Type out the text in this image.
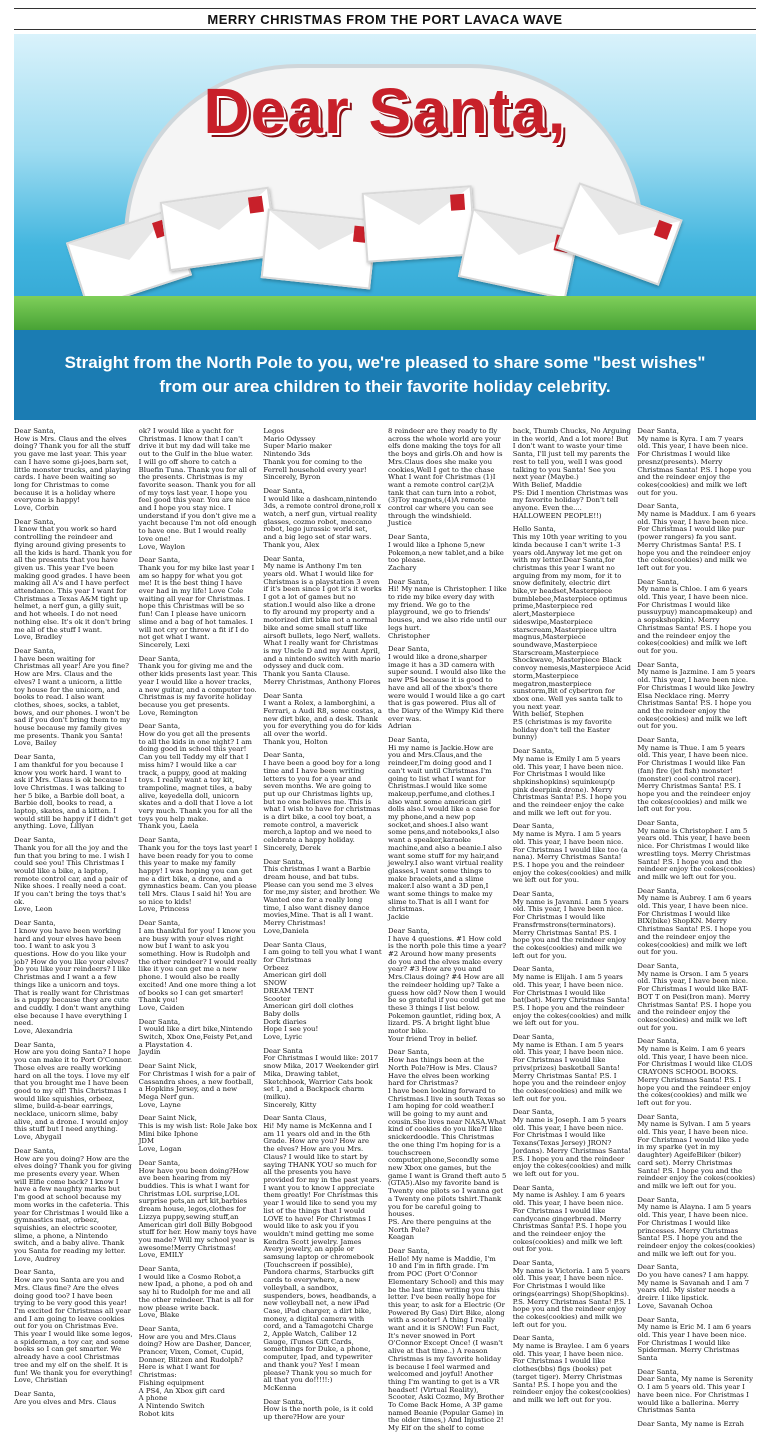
MERRY CHRISTMAS FROM THE PORT LAVACA WAVE
Dear Santa,
Straight from the North Pole to you, we're pleased to share some "best wishes" from our area children to their favorite holiday celebrity.

Dear Santa,
How is Mrs. Claus and the elves doing? Thank you for all the stuff you gave me last year. This year can I have some gi-joes,barn set, little monster trucks, and playing cards. I have been waiting so long for Christmas to come because it is a holiday where everyone is happy!
Love, Corbin

Dear Santa,
I know that you work so hard controlling the reindeer and flying around giving presents to all the kids is hard. Thank you for all the presents that you have given us. This year I've been making good grades. I have been making all A's and I have perfect attendance. This year I want for Christmas a Texas A&M tight up helmet, a nerf gun, a gilly suit, and hot wheels. I do not need nothing else. It's ok it don't bring me all of the stuff I want.
Love, Bradley

Dear Santa,
I have been waiting for Christmas all year! Are you fine? How are Mrs. Claus and the elves? I want a unicorn, a little toy house for the unicorn, and books to read. I also want clothes, shoes, socks, a tablet, bows, and our phones. I won't be sad if you don't bring them to my house because my family gives me presents. Thank you Santa! Love, Bailey

Dear Santa,
I am thankful for you because I know you work hard. I want to ask if Mrs. Claus is ok because I love Christmas. I was talking to her 5 bike, a Barbie doll boat, a Barbie doll, books to read, a laptop, skates, and a kitten. I would still be happy if I didn't get anything. Love, Lillyan

Dear Santa,
Thank you for all the joy and the fun that you bring to me. I wish I could see you! This Christmas I would like a bike, a laptop, remote control car, and a pair of Nike shoes. I really need a coat. If you can't bring the toys that's ok.
Love, Leon

Dear Santa,
I know you have been working hard and your elves have been too. I want to ask you 3 questions. How do you like your job? How do you like your elves? Do you like your reindeers? I like Christmas and I want a a few things like a unicorn and toys. That is really want for Christmas is a puppy because they are cute and cuddly. I don't want anything else because I have everything I need.
Love, Alexandria

Dear Santa,
How are you doing Santa? I hope you can make it to Port O'Connor. Those elves are really working hard on all the toys. I love my elf that you brought me I have been good to my elf! This Christmas I would like squishies, orbeez, slime, build-a-bear earrings, necklace, unicorn slime, baby alive, and a drone. I would enjoy this stuff but I need anything.
Love, Abygail

Dear Santa,
How are you doing? How are the elves doing? Thank you for giving me presents every year. When will Elfie come back? I know I have a few naughty marks but I'm good at school because my mom works in the cafeteria. This year for Christmas I would like a gymnastics mat, orbeez, squishies, an electric scooter, slime, a phone, a Nintendo switch, and a baby alive. Thank you Santa for reading my letter.
Love, Audrey

Dear Santa,
How are you Santa are you and Mrs. Claus fine? Are the elves doing good too? I have been trying to be very good this year! I'm excited for Christmas all year and I am going to leave cookies out for you on Christmas Eve. This year I would like some legos, a spiderman, a toy car, and some books so I can get smarter. We already have a cool Christmas tree and my elf on the shelf. It is fun! We thank you for everything!
Love, Christian

Dear Santa,
Are you elves and Mrs. Claus

ok? I would like a yacht for Christmas. I know that I can't drive it but my dad will take me out to the Gulf in the blue water. I will go off shore to catch a Bluefin Tuna. Thank you for all of the presents. Christmas is my favorite season. Thank you for all of my toys last year. I hope you feel good this year. You are nice and I hope you stay nice. I understand if you don't give me a yacht because I'm not old enough to have one. But I would really love one!
Love, Waylon

Dear Santa,
Thank you for my bike last year I am so happy for what you got me! It is the best thing I have ever had in my life! Love Cole waiting all year for Christmas. I hope this Christmas will be so fun! Can I please have unicorn slime and a bag of hot tamales. I will not cry or throw a fit if I do not get what I want.
Sincerely, Lexi

Dear Santa,
Thank you for giving me and the other kids presents last year. This year I would like a hover tracks, a new guitar, and a computer too. Christmas is my favorite holiday because you get presents.
Love, Remington

Dear Santa,
How do you get all the presents to all the kids in one night? I am doing good in school this year! Can you tell Teddy my elf that I miss him? I would like a car track, a puppy, good at making toys. I really want a toy kit, trampoline, magnet tiles, a baby alive, keyedella doll, unicorn skates and a doll that I love a lot very much. Thank you for all the toys you help make.
Thank you, Laela

Dear Santa,
Thank you for the toys last year! I have been ready for you to come this year to make my family happy! I was hoping you can get me a dirt bike, a drone, and a gymnastics beam. Can you please tell Mrs. Claus I said hi! You are so nice to kids!
Love, Princess

Dear Santa,
I am thankful for you! I know you are busy with your elves right now but I want to ask you something. How is Rudolph and the other reindeer? I would really like it you can get me a new phone. I would also be really excited! And one more thing a lot of books so I can get smarter! Thank you!
Love, Caiden

Dear Santa,
I would like a dirt bike,Nintendo Switch, Xbox One,Feisty Pet,and a Playstation 4.
Jaydin

Dear Saint Nick,
For Christmas I wish for a pair of Cassandra shoes, a new football, a Hopkins Jersey, and a new Mega Nerf gun.
Love, Layne

Dear Saint Nick,
This is my wish list: Role Jake box
Mini bike Iphone
JDM
Love, Logan

Dear Santa,
How have you been doing?How ave been hearing from my buddies. This is what I want for Christmas LOL surprise,LOL surprise pets,an art kit,barbies dream house, legos,clothes for Lizzya puppy,sewing stuff,an American girl doll Billy Bobgood stuff for her. How many toys have you made? Will my school year is awesome!Merry Christmas!
Love, EMILY

Dear Santa,
I would like a Cosmo Robot,a new Ipad, a phone, a pod oh and say hi to Rudolph for me and all the other reindeer. That is all for now please write back.
Love, Blake

Dear Santa,
How are you and Mrs.Claus doing? How are Dasher, Dancer, Prancer, Vixen, Comet, Cupid, Donner, Blitzen and Rudolph? Here is what I want for Christmas:
Fishing equipment
A PS4, An Xbox gift card
A phone
A Nintendo Switch
Robot kits

Legos
Mario Odyssey
Super Mario maker
Nintendo 3ds
Thank you for coming to the Ferrell household every year!
Sincerely, Byron

Dear Santa,
I would like a dashcam,nintendo 3ds, a remote control drone,roll x watch, a nerf gun, virtual reality glasses, cozmo robot, meccano robot, lego jurassic world set, and a big lego set of star wars.
Thank you, Alex

Dear Santa,
My name is Anthony I'm ten years old. What I would like for Christmas is a playstation 3 even if it's been since I got it's it works I got a lot of games but no station.I would also like a drone to fly around my property and a motorized dirt bike not a normal bike and some small stuff like airsoft bullets, lego Nerf, wallets. What I really want for Christmas is my Uncle D and my Aunt April, and a nintendo switch with mario odyssey and duck com.
Thank you Santa Clause.
Merry Christmas, Anthony Flores

Dear Santa
I want a Rolex, a lamborghini, a Ferrari, a Audi R8, some costas, a new dirt bike, and a desk. Thank you for everything you do for kids all over the world.
Thank you, Holton

Dear Santa,
I have been a good boy for a long time and I have been writing letters to you for a year and seven months. We are going to put up our Christmas lights up, but no one believes me. This is what I wish to have for christmas is a dirt bike, a cool toy boat, a remote control, a maverick merch,a laptop and we need to celebrate a happy holiday.
Sincerely, Derek

Dear Santa,
This christmas I want a Barbie dream house, and bat tubs. Please can you send me 3 elves for me,my sister, and brother. We Wanted one for a really long time, I also want disney dance movies,Mine. That is all I want. Merry Christmas!
Love,Daniela

Dear Santa Claus,
I am going to tell you what I want for Christmas
Orbeez
American girl doll
SNOW
DREAM TENT
Scooter
American girl doll clothes
Baby dolls
Dork diaries
Hope I see you!
Love, Lyric

Dear Santa
For Christmas I would like: 2017 snow Mika, 2017 Weekender girl Mika, Drawing tablet, Sketchbook, Warrior Cats book set 1, and a Backpack charm (milku).
Sincerely, Kitty

Dear Santa Claus,
Hi! My name is McKenna and I am 11 years old and in the 6th Grade. How are you? How are the elves? How are you Mrs. Claus? I would like to start by saying THANK YOU so much for all the presents you have provided for my in the past years. I want you to know I appreciate them greatly! For Christmas this year I would like to send you my list of the things that I would LOVE to have! For Christmas I would like to ask you if you wouldn't mind getting me some Kendra Scott jewelry. James Avery jewelry, an apple or samsung laptop or chromebook (Touchscreen if possible), Pandora charms, Starbucks gift cards to everywhere, a new volleyball, a sandbox, suspenders, bows, headbands, a new volleyball net, a new iPad Case, iPad charger, a dirt bike, money, a digital camera with cord, and a Tamagotchi Charge 2, Apple Watch, Caliber 12 Gauge, iTunes Gift Cards, somethings for Duke, a phone, computer, Ipad, and typewriter and thank you? Yes! I mean please? Thank you so much for all that you do!!!!!:)
McKenna

Dear Santa,
How is the north pole, is it cold up there?How are your

8 reindeer are they ready to fly across the whole world are your elfs done making the toys for all the boys and girls.Oh and how is Mrs.Claus does she make you cookies,Well I get to the chase What I want for Christmas (1)I want a remote control car(2)A tank that can turn into a robot,(3)Toy magnets,(4)A remote control car where you can see through the windshield.
Justice

Dear Santa,
I would like a Iphone 5,new Pokemon,a new tablet,and a bike too please.
Zachary

Dear Santa,
Hi! My name is Christopher. I like to ride my bike every day with my friend. We go to the playground, we go to friends' houses, and we also ride until our legs hurt.
Christopher

Dear Santa,
I would like a drone,sharper image it has a 3D camera with super sound. I would also like the new PS4 because it is good to have and all of the xbox's there were would I would like a go cart that is gas powered. Plus all of the Diary of the Wimpy Kid there ever was.
Adrian

Dear Santa,
Hi my name is Jackie.How are you and Mrs.Claus,and the reindeer,I'm doing good and I can't wait until Christmas.I'm going to list what I want for Christmas.I would like some makeup,perfume,and clothes.I also want some american girl dolls also.I would like a case for my phone,and a new pop socket,and shoes.I also want some pens,and notebooks,I also want a speaker,karaoke machine,and also a beanie.I also want some stuff for my hair,and jewelry.I also want virtual reality glasses,I want some things to make bracelets,and a slime maker.I also want a 3D pen,I want some things to make my slime to.That is all I want for christmas.
Jackie

Dear Santa,
I have 4 questions. #1 How cold is the north pole this time a year? #2 Around how many presents do you and the elves make every year? #3 How are you and Mrs.Claus doing? #4 How are all the reindeer holding up? Take a guess how old? Now then I would be so grateful if you could get me these 3 things I list below. Pokemon gauntlet, riding box, A lizard. PS. A bright light blue motor bike.
Your friend Troy in belief.

Dear Santa,
How has things been at the North Pole?How is Mrs. Claus?Have the elves been working hard for Christmas?
I have been looking forward to Christmas.I live in south Texas so I am hoping for cold weather.I will be going to my aunt and cousin.She lives near NASA.What kind of cookies do you like?I like snickerdoodle. This Christmas the one thing I'm hoping for is a touchscreen computer,phone,Secondly some new Xbox one games, but the game I want is Grand theft auto 5 (GTA5).Also my favorite band is Twenty one pilots so I wanna get a Twenty one pilots tshirt.Thank you for be careful going to houses.
PS. Are there penguins at the North Pole?
Keagan

Dear Santa,
Hello! My name is Maddie, I'm 10 and I'm in fifth grade. I'm from POC (Port O'Connor Elementary School) and this may be the last time writing you this letter. I've been really hope for this year, to ask for a Electric (Or Powered By Gas) Dirt Bike, along with a scooter! A thing I really want and it is SNOW! Fun Fact, It's never snowed in Port O'Connor Except Once! (I wasn't alive at that time..) A reason Christmas is my favorite holiday is because I feel warmed and welcomed and joyful! Another thing I'm wanting to get is a VR headset! (Virtual Reality), Scooter, Aski Cozmo, My Brother To Come Back Home, A 3P game named Beanie (Popular Game) in the older times,) And Injustice 2! My Elf on the shelf to come

back, Thumb Chucks, No Arguing in the world, And a lot more! But I don't want to waste your time Santa, I'll just tell my parents the rest to tell you, well I was good talking to you Santa! See you next year (Maybe.)
With Belief, Maddie
PS: Did I mention Christmas was my favorite holiday? Don't tell anyone. Even the.... HALLOWEEN PEOPLE!!)

Hello Santa,
This my 10th year writing to you kinda because I can't write 1-3 years old.Anyway let me get on with my letter.Dear Santa,for christmas this year I want no arguing from my mom, for it to snow definitely, electric dirt bike,vr headset,Masterpiece bumblebee,Masterpiece optimus prime,Masterpiece red alert,Masterpiece sideswipe,Masterpiece starscream,Masterpiece ultra magnus,Masterpiece soundwave,Masterpiece Starscream,Masterpiece Shockwave, Masterpiece Black convoy nemesis,Masterpiece Acid storm,Masterpiece megatron,masterpiece sunstorm,Bit of cybertron for xbox one. Well yes santa talk to you next year.
With belief, Stephen
P.S (christmas is my favorite holiday don't tell the Easter bunny)

Dear Santa,
My name is Emily I am 5 years old. This year, I have been nice. For Christmas I would like shpkinshopkins) squinkeup(p pink deerpink drone). Merry Christmas Santa! P.S. I hope you and the reindeer enjoy the cake and milk we left out for you.

Dear Santa,
My name is Myra. I am 5 years old. This year, I have been nice. For Christmas I would like too (a nana). Merry Christmas Santa! P.S. I hope you and the reindeer enjoy the cokes(cookies) and milk we left out for you.

Dear Santa,
My name is Javanni. I am 5 years old. This year, I have been nice. For Christmas I would like Fransfrmstrons(terminators). Merry Christmas Santa! P.S. I hope you and the reindeer enjoy the cokes(cookies) and milk we left out for you.

Dear Santa,
My name is Elijah. I am 5 years old. This year, I have been nice. For Christmas I would like bat(bat). Merry Christmas Santa! P.S. I hope you and the reindeer enjoy the cokes(cookies) and milk we left out for you.

Dear Santa,
My name is Ethan. I am 5 years old. This year, I have been nice. For Christmas I would like privs(prizes) basketball Santa! Merry Christmas Santa! P.S. I hope you and the reindeer enjoy the cokes(cookies) and milk we left out for you.

Dear Santa,
My name is Joseph. I am 5 years old. This year, I have been nice. For Christmas I would like Texans(Texas Jersey) JRON? Jordans). Merry Christmas Santa! P.S. I hope you and the reindeer enjoy the cokes(cookies) and milk we left out for you.

Dear Santa,
My name is Ashley. I am 6 years old. This year, I have been nice. For Christmas I would like candycane gingerbread. Merry Christmas Santa! P.S. I hope you and the reindeer enjoy the cokes(cookies) and milk we left out for you.

Dear Santa,
My name is Victoria. I am 5 years old. This year, I have been nice. For Christmas I would like orings(earrings) Shop(Shopkins). P.S. Merry Christmas Santa! P.S. I hope you and the reindeer enjoy the cokes(cookies) and milk we left out for you.

Dear Santa,
My name is Braylee. I am 6 years old. This year, I have been nice. For Christmas I would like clothes(bbs) figs (books) pet (target tiger). Merry Christmas Santa! P.S. I hope you and the reindeer enjoy the cokes(cookies) and milk we left out for you.

Dear Santa,
My name is Kyra. I am 7 years old. This year, I have been nice. For Christmas I would like presnz(presents). Merry Christmas Santa! P.S. I hope you and the reindeer enjoy the cokes(cookies) and milk we left out for you.

Dear Santa,
My name is Maddux. I am 6 years old. This year, I have been nice. For Christmas I would like pur (power rangers) fa you sant. Merry Christmas Santa! P.S. I hope you and the reindeer enjoy the cokes(cookies) and milk we left out for you.

Dear Santa,
My name is Chloe. I am 6 years old. This year, I have been nice. For Christmas I would like pussuypuy) mancapmakeup) and a sopskshopkin). Merry Christmas Santa! P.S. I hope you and the reindeer enjoy the cokes(cookies) and milk we left out for you.

Dear Santa,
My name is Jazmine. I am 5 years old. This year, I have been nice. For Christmas I would like Jewlry Elsa Necklace ring. Merry Christmas Santa! P.S. I hope you and the reindeer enjoy the cokes(cookies) and milk we left out for you.

Dear Santa,
My name is Thue. I am 5 years old. This year, I have been nice. For Christmas I would like Fan (fan) fire (jet fish) monster! (monster) cool control racer). Merry Christmas Santa! P.S. I hope you and the reindeer enjoy the cokes(cookies) and milk we left out for you.

Dear Santa,
My name is Christopher. I am 5 years old. This year, I have been nice. For Christmas I would like wrestling toys. Merry Christmas Santa! P.S. I hope you and the reindeer enjoy the cokes(cookies) and milk we left out for you.

Dear Santa,
My name is Aubrey. I am 6 years old. This year, I have been nice. For Christmas I would like BIX(bike) ShopKN. Merry Christmas Santa! P.S. I hope you and the reindeer enjoy the cokes(cookies) and milk we left out for you.

Dear Santa,
My name is Orson. I am 5 years old. This year, I have been nice. For Christmas I would like BAT-BOT T on Pesi(Iron man). Merry Christmas Santa! P.S. I hope you and the reindeer enjoy the cokes(cookies) and milk we left out for you.

Dear Santa,
My name is Keim. I am 6 years old. This year, I have been nice. For Christmas I would like CLOS CRAYONS SCHOOL BOOKS. Merry Christmas Santa! P.S. I hope you and the reindeer enjoy the cokes(cookies) and milk we left out for you.

Dear Santa,
My name is Sylvan. I am 5 years old. This year, I have been nice. For Christmas I would like yede in my sparke (yet in my daughter) AgeifeBiker (biker) card set). Merry Christmas Santa! P.S. I hope you and the reindeer enjoy the cokes(cookies) and milk we left out for you.

Dear Santa,
My name is Alayna. I am 5 years old. This year, I have been nice. For Christmas I would like princesses. Merry Christmas Santa! P.S. I hope you and the reindeer enjoy the cokes(cookies) and milk we left out for you.

Dear Santa,
Do you have canes? I am happy. My name is Savanah and I am 7 years old. My sister needs a dreirr. I like lipstick.
Love, Savanah Ochoa

Dear Santa,
My name is Eric M. I am 6 years old. This year I have been nice. For Christmas I would like Spiderman. Merry Christmas Santa

Dear Santa,
Dear Santa, My name is Serenity O. I am 5 years old. This year I have been nice. For Christmas I would like a ballerina. Merry Christmas Santa

Dear Santa, My name is Ezrah
